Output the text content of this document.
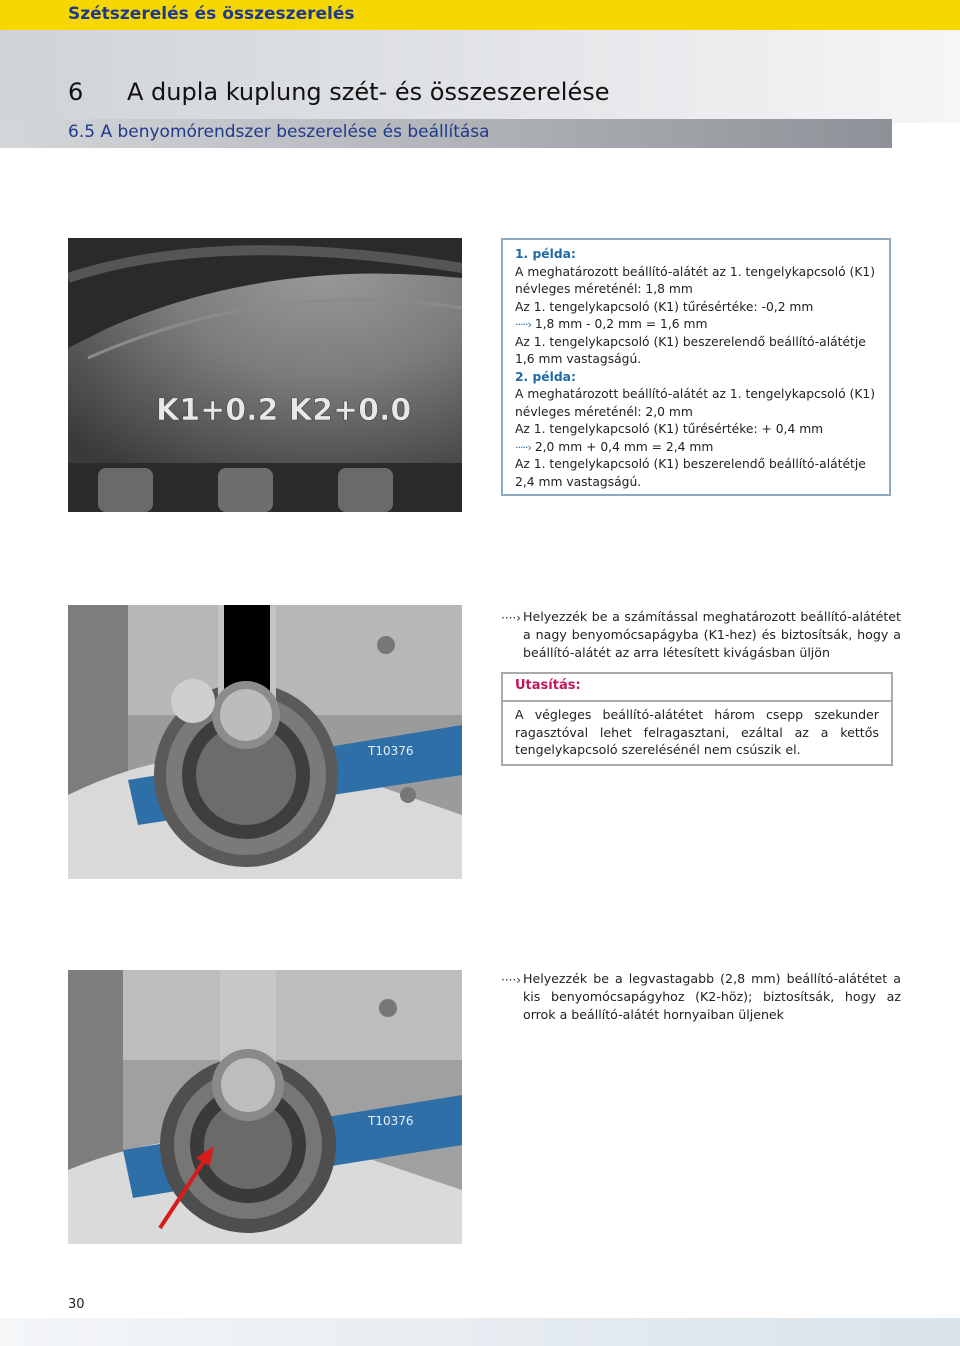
Szétszerelés és összeszerelés
6 A dupla kuplung szét- és összeszerelése
6.5 A benyomórendszer beszerelése és beállítása
K1+0.2 K2+0.0
1. példa:
A meghatározott beállító-alátét az 1. tengelykapcsoló (K1)
névleges méreténél: 1,8 mm
Az 1. tengelykapcsoló (K1) tűrésértéke: -0,2 mm
·····› 1,8 mm - 0,2 mm = 1,6 mm
Az 1. tengelykapcsoló (K1) beszerelendő beállító-alátétje
1,6 mm vastagságú.
2. példa:
A meghatározott beállító-alátét az 1. tengelykapcsoló (K1)
névleges méreténél: 2,0 mm
Az 1. tengelykapcsoló (K1) tűrésértéke: + 0,4 mm
·····› 2,0 mm + 0,4 mm = 2,4 mm
Az 1. tengelykapcsoló (K1) beszerelendő beállító-alátétje
2,4 mm vastagságú.
T10376
····› Helyezzék be a számítással meghatározott beállító-alátétet a nagy benyomócsapágyba (K1-hez) és biztosítsák, hogy a beállító-alátét az arra létesített kivágásban üljön
Utasítás:
A végleges beállító-alátétet három csepp szekunder ragasztóval lehet felragasztani, ezáltal az a kettős tengelykapcsoló szerelésénél nem csúszik el.
T10376
····› Helyezzék be a legvastagabb (2,8 mm) beállító-alátétet a kis benyomócsapágyhoz (K2-höz); biztosítsák, hogy az orrok a beállító-alátét hornyaiban üljenek
30
